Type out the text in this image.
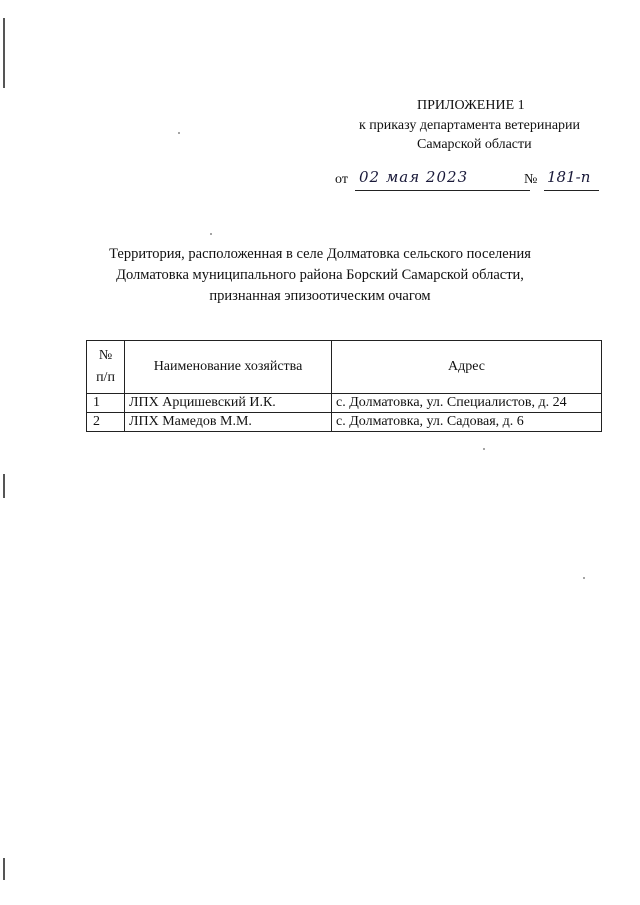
ПРИЛОЖЕНИЕ 1
к приказу департамента ветеринарии
Самарской области
от 02 мая 2023	№ 181-п
Территория, расположенная в селе Долматовка сельского поселения
Долматовка муниципального района Борский Самарской области,
признанная эпизоотическим очагом
№
п/п	Наименование хозяйства	Адрес
1	ЛПХ Арцишевский И.К.	с. Долматовка, ул. Специалистов, д. 24
2	ЛПХ Мамедов М.М.	с. Долматовка, ул. Садовая, д. 6
